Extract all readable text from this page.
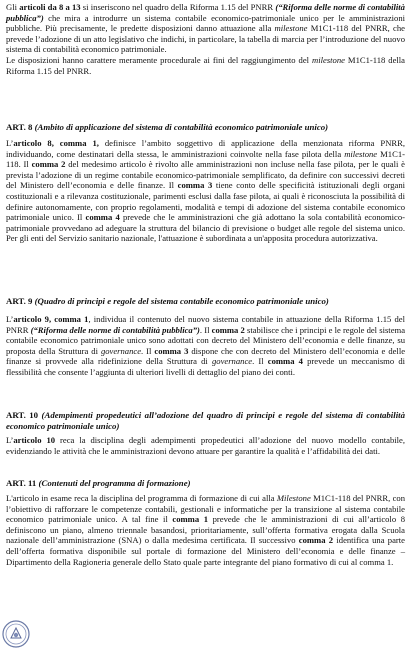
Gli articoli da 8 a 13 si inseriscono nel quadro della Riforma 1.15 del PNRR (“Riforma delle norme di contabilità pubblica”) che mira a introdurre un sistema contabile economico-patrimoniale unico per le amministrazioni pubbliche. Più precisamente, le predette disposizioni danno attuazione alla milestone M1C1-118 del PNRR, che prevede l’adozione di un atto legislativo che indichi, in particolare, la tabella di marcia per l’introduzione del nuovo sistema di contabilità economico patrimoniale.

Le disposizioni hanno carattere meramente procedurale ai fini del raggiungimento del milestone M1C1-118 della Riforma 1.15 del PNRR.

ART. 8 (Ambito di applicazione del sistema di contabilità economico patrimoniale unico)

L’articolo 8, comma 1, definisce l’ambito soggettivo di applicazione della menzionata riforma PNRR, individuando, come destinatari della stessa, le amministrazioni coinvolte nella fase pilota della milestone M1C1-118. Il comma 2 del medesimo articolo è rivolto alle amministrazioni non incluse nella fase pilota, per le quali è prevista l’adozione di un regime contabile economico-patrimoniale semplificato, da definire con successivi decreti del Ministero dell’economia e delle finanze. Il comma 3 tiene conto delle specificità istituzionali degli organi costituzionali e a rilevanza costituzionale, parimenti esclusi dalla fase pilota, ai quali è riconosciuta la possibilità di definire autonomamente, con proprio regolamenti, modalità e tempi di adozione del sistema contabile economico patrimoniale unico. Il comma 4 prevede che le amministrazioni che già adottano la sola contabilità economico-patrimoniale provvedano ad adeguare la struttura del bilancio di previsione o budget alle regole del sistema unico. Per gli enti del Servizio sanitario nazionale, l'attuazione è subordinata a un'apposita procedura autorizzativa.

ART. 9 (Quadro di principi e regole del sistema contabile economico patrimoniale unico)

L’articolo 9, comma 1, individua il contenuto del nuovo sistema contabile in attuazione della Riforma 1.15 del PNRR (“Riforma delle norme di contabilità pubblica”). Il comma 2 stabilisce che i principi e le regole del sistema contabile economico patrimoniale unico sono adottati con decreto del Ministero dell’economia e delle finanze, su proposta della Struttura di governance. Il comma 3 dispone che con decreto del Ministero dell’economia e delle finanze si provvede alla ridefinizione della Struttura di governance. Il comma 4 prevede un meccanismo di flessibilità che consente l’aggiunta di ulteriori livelli di dettaglio del piano dei conti.

ART. 10 (Adempimenti propedeutici all’adozione del quadro di principi e regole del sistema di contabilità economico patrimoniale unico)

L’articolo 10 reca la disciplina degli adempimenti propedeutici all’adozione del nuovo modello contabile, evidenziando le attività che le amministrazioni devono attuare per garantire la qualità e l’affidabilità dei dati.

ART. 11 (Contenuti del programma di formazione)

L'articolo in esame reca la disciplina del programma di formazione di cui alla Milestone M1C1-118 del PNRR, con l’obiettivo di rafforzare le competenze contabili, gestionali e informatiche per la transizione al sistema contabile economico patrimoniale unico. A tal fine il comma 1 prevede che le amministrazioni di cui all’articolo 8 definiscono un piano, almeno triennale basandosi, prioritariamente, sull’offerta formativa erogata dalla Scuola nazionale dell’amministrazione (SNA) o dalla medesima certificata. Il successivo comma 2 identifica una parte dell’offerta formativa disponibile sul portale di formazione del Ministero dell’economia e delle finanze – Dipartimento della Ragioneria generale dello Stato quale parte integrante del piano formativo di cui al comma 1.
